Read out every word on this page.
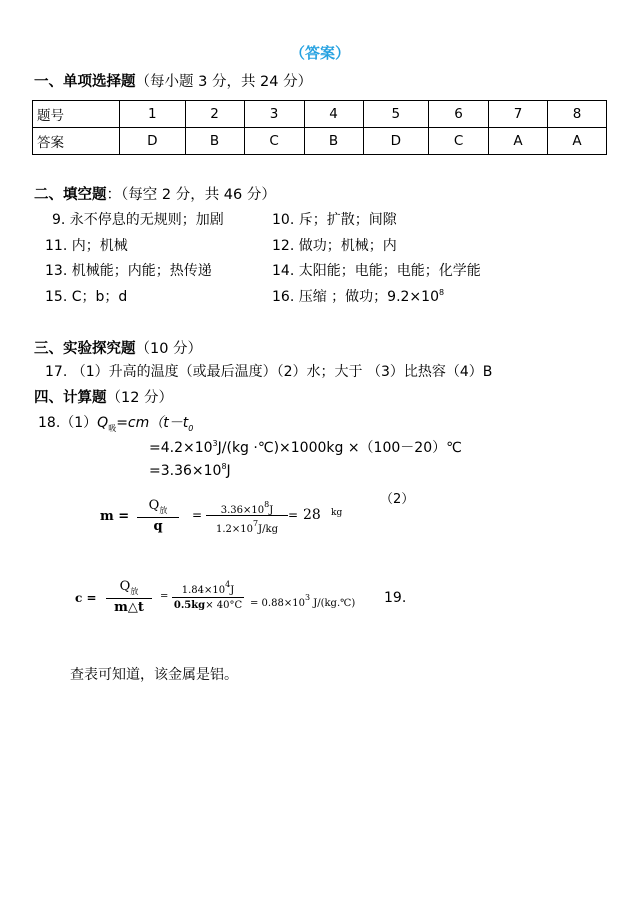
（答案）
一、单项选择题（每小题 3 分，共 24 分）
题号	1	2	3	4	5	6	7	8
答案	D	B	C	B	D	C	A	A
二、填空题：（每空 2 分，共 46 分）
9. 永不停息的无规则；加剧	10. 斥；扩散；间隙
11. 内；机械	12. 做功；机械；内
13. 机械能；内能；热传递	14. 太阳能；电能；电能；化学能
15. C；b；d	16. 压缩 ；做功；$9.2\times 10^8$
三、实验探究题（10 分）
17. （1）升高的温度（或最后温度）（2）水；大于 （3）比热容（4）B
四、计算题（12 分）
$18.(1)Q_吸=cm(t-t_0$
$=4.2\times 10^3J/(kg$ ·℃)×1000kg ×（100－20）℃
$=3.36\times 10^8J$
（2）
m =
$Q_放$
q
=	$3.36\times 10^8J$
$1.2\times 10^7J/kg$
= 28 kg
c =
$Q_放$
m△t
=
$1.84\times 10^4J$
$0.5kg\times 40^\circ C = 0.88\times 10^3$ J/(kg.℃) 19.
查表可知道，该金属是铝。
